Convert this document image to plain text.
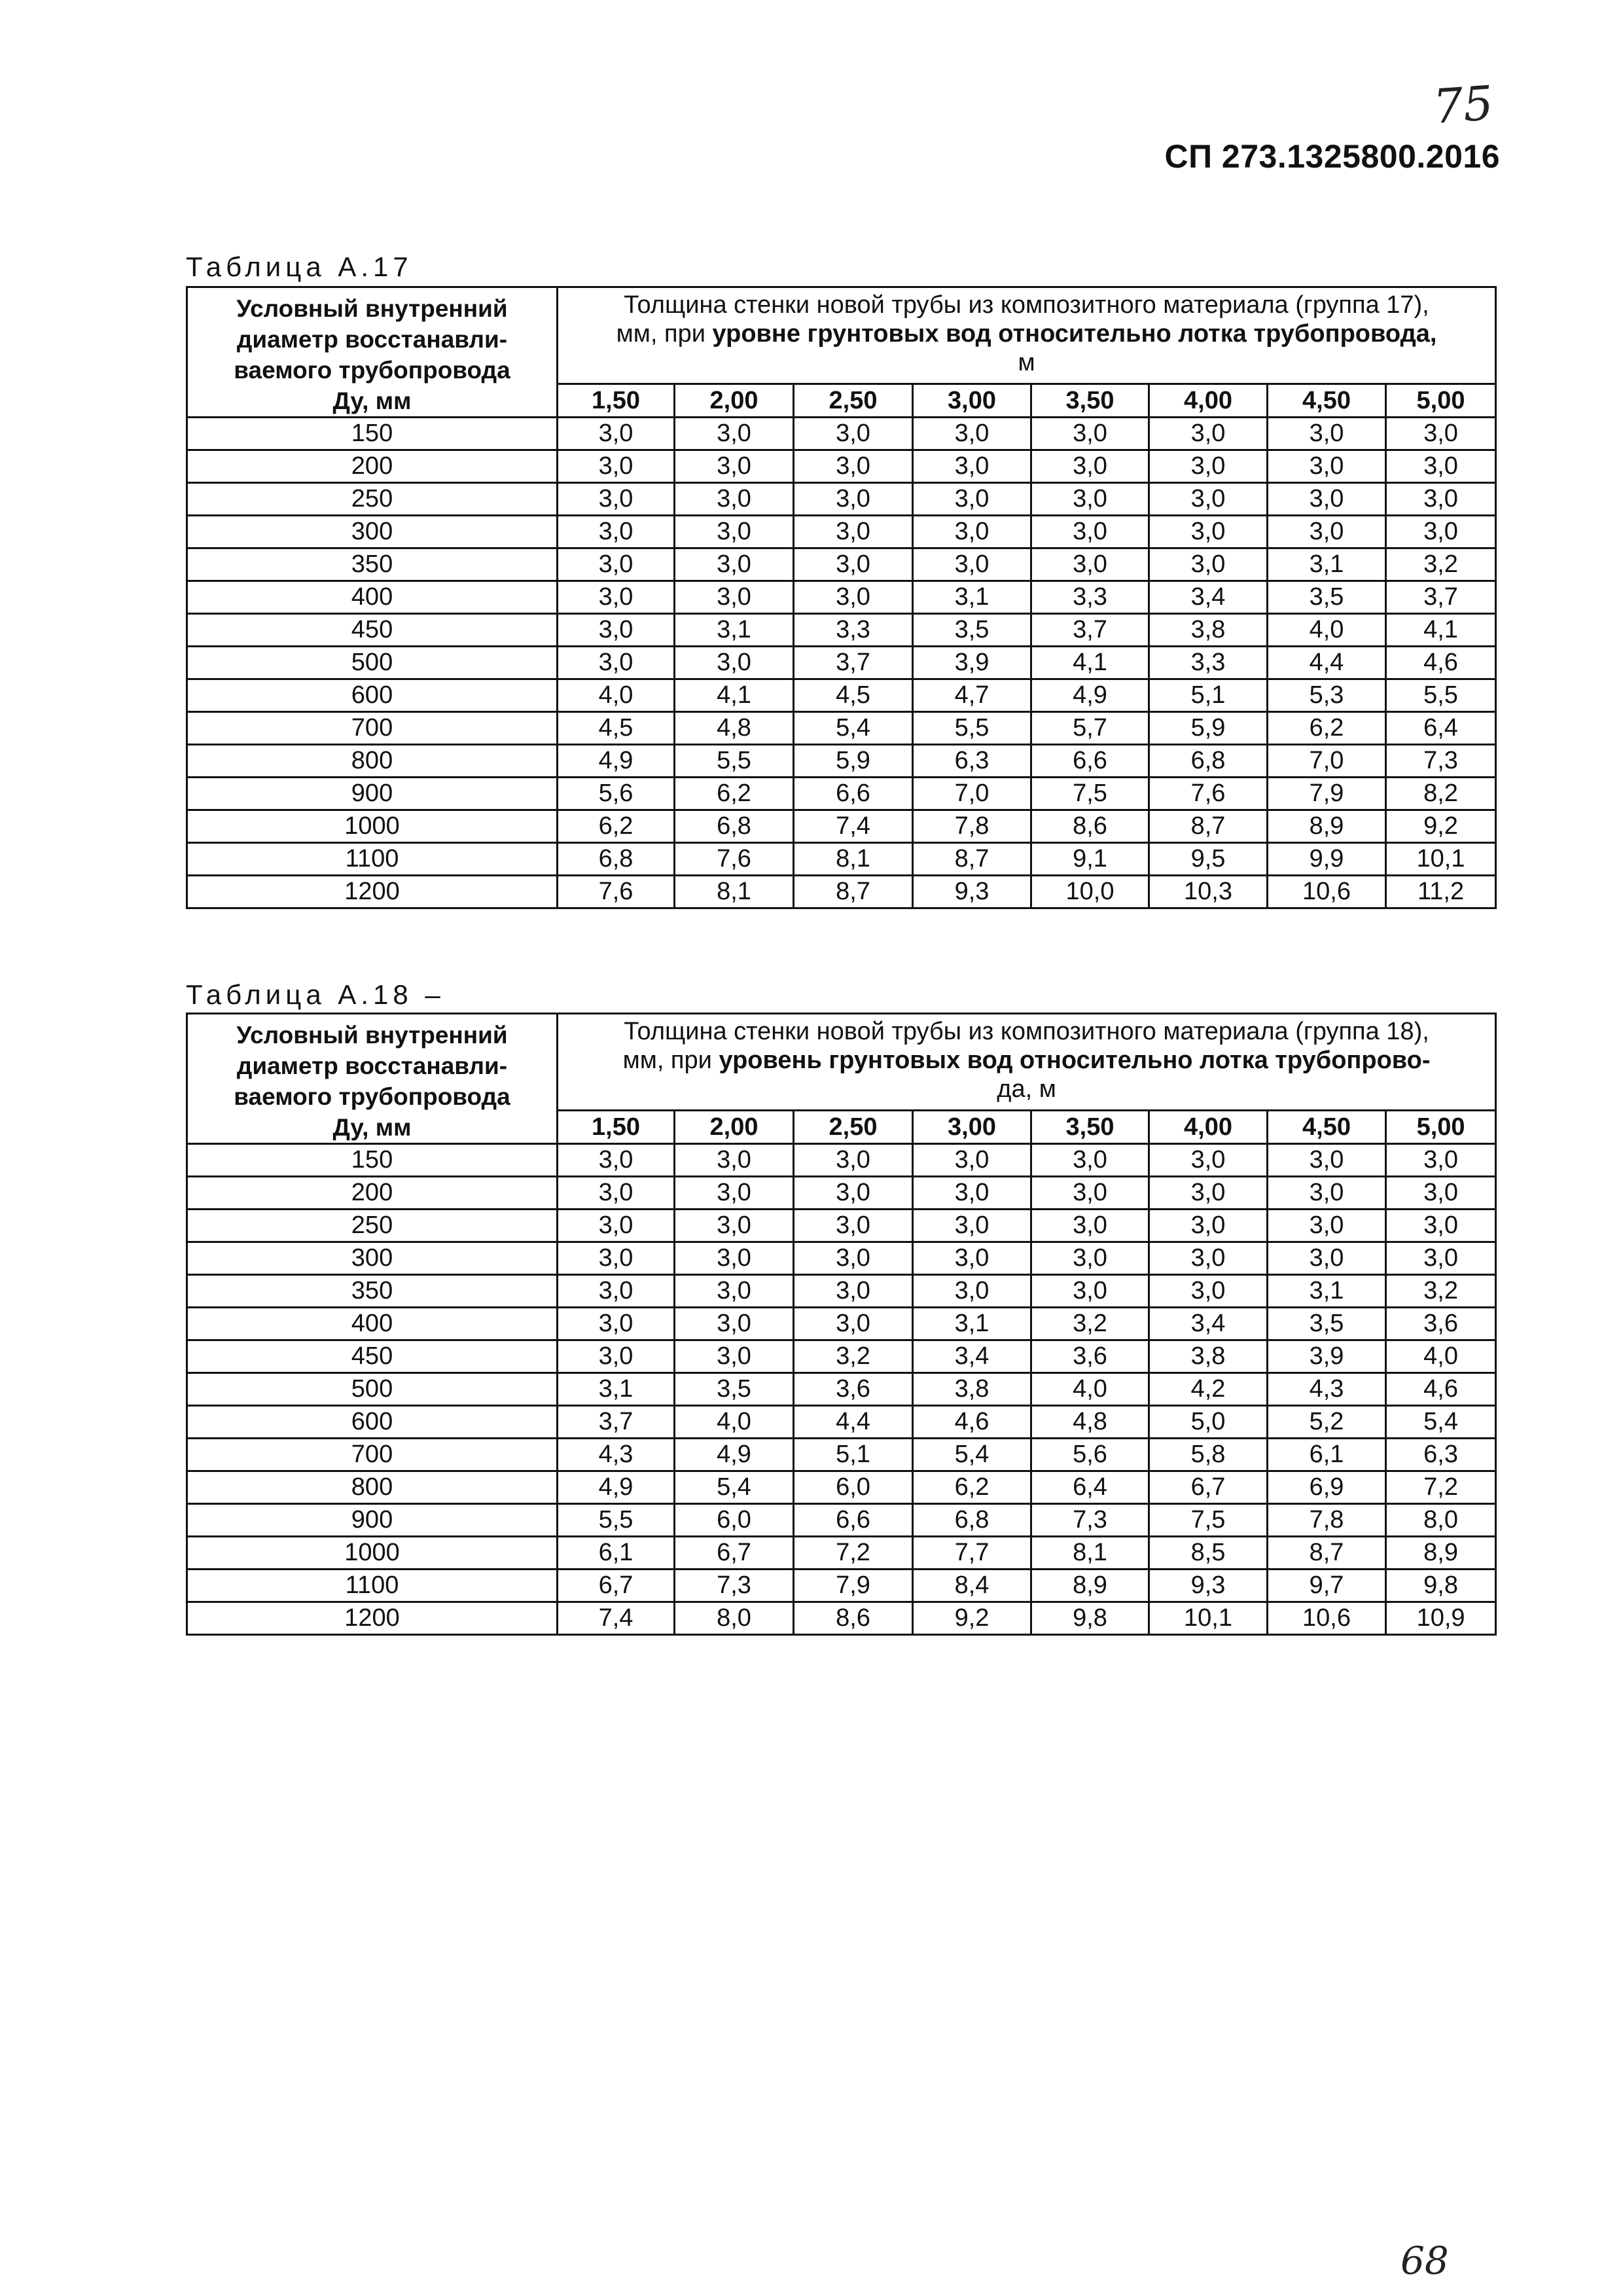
75
СП 273.1325800.2016
Таблица А.17
Условный внутренний
диаметр восстанавли-
ваемого трубопровода
Ду, мм	Толщина стенки новой трубы из композитного материала (группа 17),
мм, при уровне грунтовых вод относительно лотка трубопровода,
м							
	1,50	2,00	2,50	3,00	3,50	4,00	4,50	5,00
150	3,0	3,0	3,0	3,0	3,0	3,0	3,0	3,0
200	3,0	3,0	3,0	3,0	3,0	3,0	3,0	3,0
250	3,0	3,0	3,0	3,0	3,0	3,0	3,0	3,0
300	3,0	3,0	3,0	3,0	3,0	3,0	3,0	3,0
350	3,0	3,0	3,0	3,0	3,0	3,0	3,1	3,2
400	3,0	3,0	3,0	3,1	3,3	3,4	3,5	3,7
450	3,0	3,1	3,3	3,5	3,7	3,8	4,0	4,1
500	3,0	3,0	3,7	3,9	4,1	3,3	4,4	4,6
600	4,0	4,1	4,5	4,7	4,9	5,1	5,3	5,5
700	4,5	4,8	5,4	5,5	5,7	5,9	6,2	6,4
800	4,9	5,5	5,9	6,3	6,6	6,8	7,0	7,3
900	5,6	6,2	6,6	7,0	7,5	7,6	7,9	8,2
1000	6,2	6,8	7,4	7,8	8,6	8,7	8,9	9,2
1100	6,8	7,6	8,1	8,7	9,1	9,5	9,9	10,1
1200	7,6	8,1	8,7	9,3	10,0	10,3	10,6	11,2
Таблица А.18 –
Условный внутренний
диаметр восстанавли-
ваемого трубопровода
Ду, мм	Толщина стенки новой трубы из композитного материала (группа 18),
мм, при уровень грунтовых вод относительно лотка трубопрово-
да, м							
	1,50	2,00	2,50	3,00	3,50	4,00	4,50	5,00
150	3,0	3,0	3,0	3,0	3,0	3,0	3,0	3,0
200	3,0	3,0	3,0	3,0	3,0	3,0	3,0	3,0
250	3,0	3,0	3,0	3,0	3,0	3,0	3,0	3,0
300	3,0	3,0	3,0	3,0	3,0	3,0	3,0	3,0
350	3,0	3,0	3,0	3,0	3,0	3,0	3,1	3,2
400	3,0	3,0	3,0	3,1	3,2	3,4	3,5	3,6
450	3,0	3,0	3,2	3,4	3,6	3,8	3,9	4,0
500	3,1	3,5	3,6	3,8	4,0	4,2	4,3	4,6
600	3,7	4,0	4,4	4,6	4,8	5,0	5,2	5,4
700	4,3	4,9	5,1	5,4	5,6	5,8	6,1	6,3
800	4,9	5,4	6,0	6,2	6,4	6,7	6,9	7,2
900	5,5	6,0	6,6	6,8	7,3	7,5	7,8	8,0
1000	6,1	6,7	7,2	7,7	8,1	8,5	8,7	8,9
1100	6,7	7,3	7,9	8,4	8,9	9,3	9,7	9,8
1200	7,4	8,0	8,6	9,2	9,8	10,1	10,6	10,9
68
